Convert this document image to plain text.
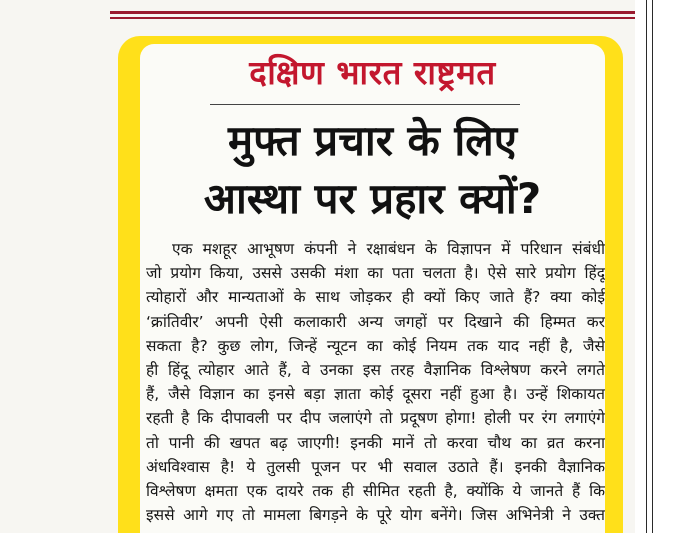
दक्षिण भारत राष्ट्रमत
मुफ्त प्रचार के लिए
आस्था पर प्रहार क्यों?
एक मशहूर आभूषण कंपनी ने रक्षाबंधन के विज्ञापन में परिधान संबंधी
जो प्रयोग किया, उससे उसकी मंशा का पता चलता है। ऐसे सारे प्रयोग हिंदू
त्योहारों और मान्यताओं के साथ जोड़कर ही क्यों किए जाते हैं? क्या कोई
‘क्रांतिवीर’ अपनी ऐसी कलाकारी अन्य जगहों पर दिखाने की हिम्मत कर
सकता है? कुछ लोग, जिन्हें न्यूटन का कोई नियम तक याद नहीं है, जैसे
ही हिंदू त्योहार आते हैं, वे उनका इस तरह वैज्ञानिक विश्लेषण करने लगते
हैं, जैसे विज्ञान का इनसे बड़ा ज्ञाता कोई दूसरा नहीं हुआ है। उन्हें शिकायत
रहती है कि दीपावली पर दीप जलाएंगे तो प्रदूषण होगा! होली पर रंग लगाएंगे
तो पानी की खपत बढ़ जाएगी! इनकी मानें तो करवा चौथ का व्रत करना
अंधविश्वास है! ये तुलसी पूजन पर भी सवाल उठाते हैं। इनकी वैज्ञानिक
विश्लेषण क्षमता एक दायरे तक ही सीमित रहती है, क्योंकि ये जानते हैं कि
इससे आगे गए तो मामला बिगड़ने के पूरे योग बनेंगे। जिस अभिनेत्री ने उक्त
